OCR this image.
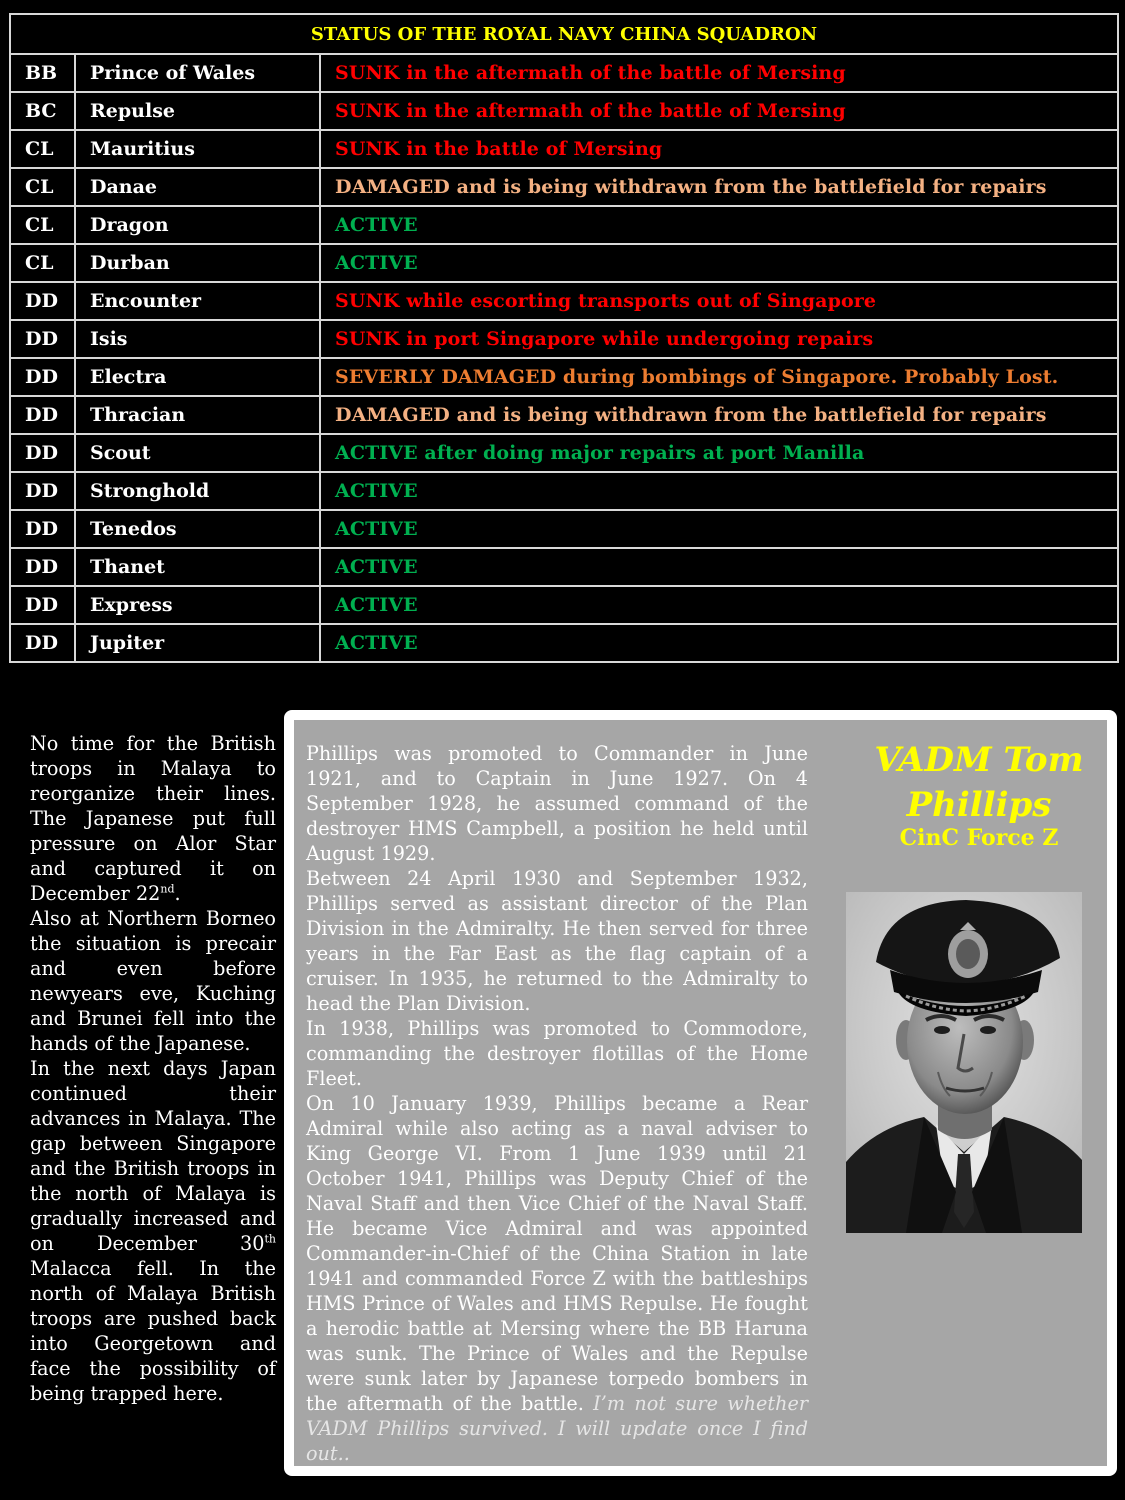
STATUS OF THE ROYAL NAVY CHINA SQUADRON		
BB	Prince of Wales	SUNK in the aftermath of the battle of Mersing
BC	Repulse	SUNK in the aftermath of the battle of Mersing
CL	Mauritius	SUNK in the battle of Mersing
CL	Danae	DAMAGED and is being withdrawn from the battlefield for repairs
CL	Dragon	ACTIVE
CL	Durban	ACTIVE
DD	Encounter	SUNK while escorting transports out of Singapore
DD	Isis	SUNK in port Singapore while undergoing repairs
DD	Electra	SEVERLY DAMAGED during bombings of Singapore. Probably Lost.
DD	Thracian	DAMAGED and is being withdrawn from the battlefield for repairs
DD	Scout	ACTIVE after doing major repairs at port Manilla
DD	Stronghold	ACTIVE
DD	Tenedos	ACTIVE
DD	Thanet	ACTIVE
DD	Express	ACTIVE
DD	Jupiter	ACTIVE

No time for the British troops in Malaya to reorganize their lines. The Japanese put full pressure on Alor Star and captured it on December 22nd.

Also at Northern Borneo the situation is precair and even before newyears eve, Kuching and Brunei fell into the hands of the Japanese.

In the next days Japan continued their advances in Malaya. The gap between Singapore and the British troops in the north of Malaya is gradually increased and on December 30th Malacca fell. In the north of Malaya British troops are pushed back into Georgetown and face the possibility of being trapped here.

Phillips was promoted to Commander in June 1921, and to Captain in June 1927. On 4 September 1928, he assumed command of the destroyer HMS Campbell, a position he held until August 1929.

Between 24 April 1930 and September 1932, Phillips served as assistant director of the Plan Division in the Admiralty. He then served for three years in the Far East as the flag captain of a cruiser. In 1935, he returned to the Admiralty to head the Plan Division.

In 1938, Phillips was promoted to Commodore, commanding the destroyer flotillas of the Home Fleet.

On 10 January 1939, Phillips became a Rear Admiral while also acting as a naval adviser to King George VI. From 1 June 1939 until 21 October 1941, Phillips was Deputy Chief of the Naval Staff and then Vice Chief of the Naval Staff. He became Vice Admiral and was appointed Commander-in-Chief of the China Station in late 1941 and commanded Force Z with the battleships HMS Prince of Wales and HMS Repulse. He fought a herodic battle at Mersing where the BB Haruna was sunk. The Prince of Wales and the Repulse were sunk later by Japanese torpedo bombers in the aftermath of the battle. I’m not sure whether VADM Phillips survived. I will update once I find out..

VADM Tom
Phillips
CinC Force Z
